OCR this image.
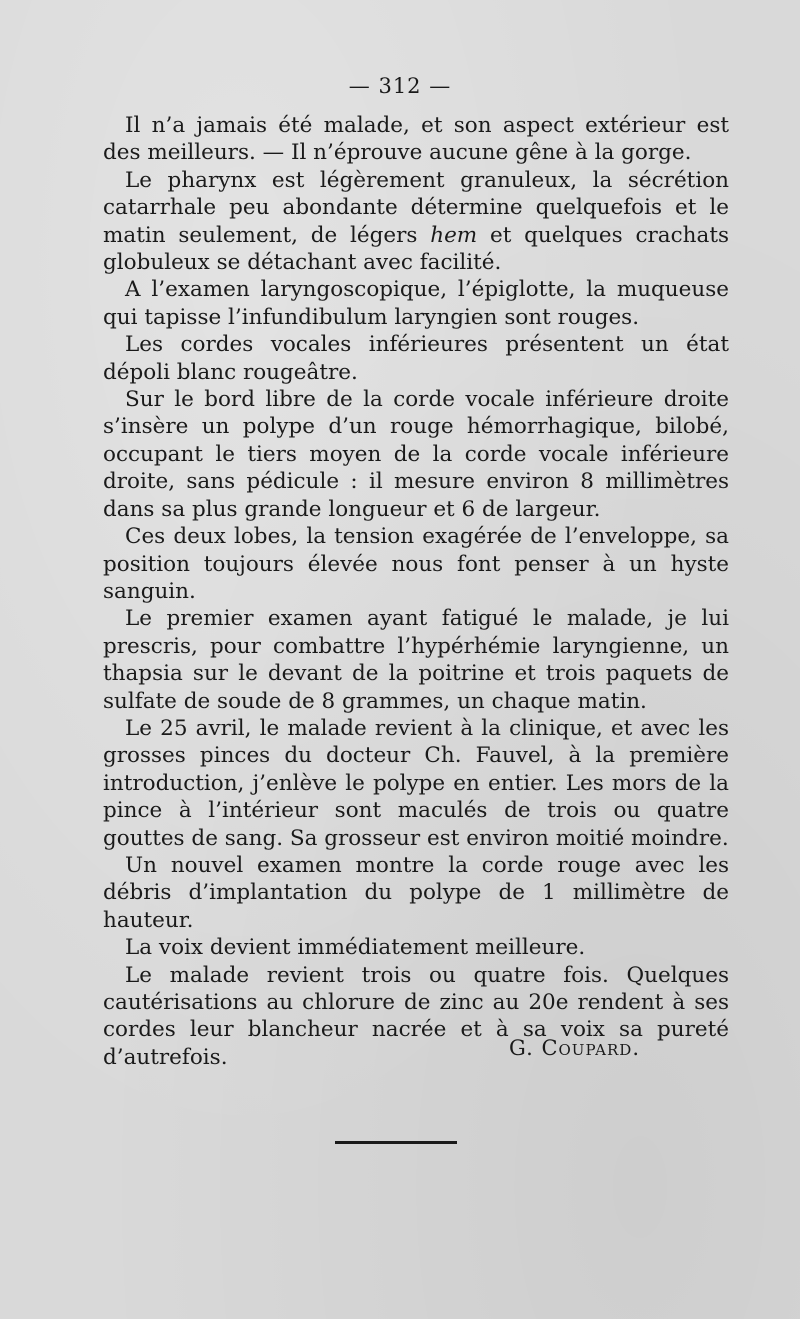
— 312 —

Il n’a jamais été malade, et son aspect extérieur est des meilleurs. — Il n’éprouve aucune gêne à la gorge.

Le pharynx est légèrement granuleux, la sécrétion catarrhale peu abondante détermine quelquefois et le matin seulement, de légers hem et quelques crachats globuleux se détachant avec facilité.

A l’examen laryngoscopique, l’épiglotte, la muqueuse qui tapisse l’infundibulum laryngien sont rouges.

Les cordes vocales inférieures présentent un état dépoli blanc rougeâtre.

Sur le bord libre de la corde vocale inférieure droite s’insère un polype d’un rouge hémorrhagique, bilobé, occupant le tiers moyen de la corde vocale inférieure droite, sans pédicule : il mesure environ 8 millimètres dans sa plus grande longueur et 6 de largeur.

Ces deux lobes, la tension exagérée de l’enveloppe, sa position toujours élevée nous font penser à un hyste sanguin.

Le premier examen ayant fatigué le malade, je lui prescris, pour combattre l’hypérhémie laryngienne, un thapsia sur le devant de la poitrine et trois paquets de sulfate de soude de 8 grammes, un chaque matin.

Le 25 avril, le malade revient à la clinique, et avec les grosses pinces du docteur Ch. Fauvel, à la première introduction, j’enlève le polype en entier. Les mors de la pince à l’intérieur sont maculés de trois ou quatre gouttes de sang. Sa grosseur est environ moitié moindre.

Un nouvel examen montre la corde rouge avec les débris d’implantation du polype de 1 millimètre de hauteur.

La voix devient immédiatement meilleure.

Le malade revient trois ou quatre fois. Quelques cautérisations au chlorure de zinc au 20e rendent à ses cordes leur blancheur nacrée et à sa voix sa pureté d’autrefois.	G. Coupard.
